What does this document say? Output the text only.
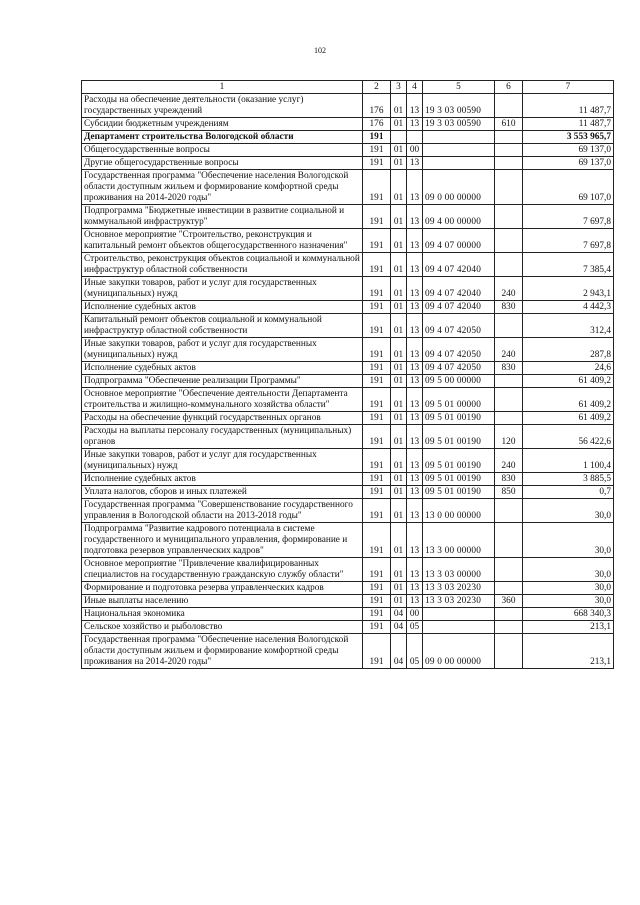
102
1	2	3	4	5	6	7
Расходы на обеспечение деятельности (оказание услуг) государственных учреждений	176	01	13	19 3 03 00590		11 487,7
Субсидии бюджетным учреждениям	176	01	13	19 3 03 00590	610	11 487,7
Департамент строительства Вологодской области	191					3 553 965,7
Общегосударственные вопросы	191	01	00			69 137,0
Другие общегосударственные вопросы	191	01	13			69 137,0
Государственная программа "Обеспечение населения Вологодской области доступным жильем и формирование комфортной среды проживания на 2014-2020 годы"	191	01	13	09 0 00 00000		69 107,0
Подпрограмма "Бюджетные инвестиции в развитие социальной и коммунальной инфраструктур"	191	01	13	09 4 00 00000		7 697,8
Основное мероприятие "Строительство, реконструкция и капитальный ремонт объектов общегосударственного назначения"	191	01	13	09 4 07 00000		7 697,8
Строительство, реконструкция объектов социальной и коммунальной инфраструктур областной собственности	191	01	13	09 4 07 42040		7 385,4
Иные закупки товаров, работ и услуг для государственных (муниципальных) нужд	191	01	13	09 4 07 42040	240	2 943,1
Исполнение судебных актов	191	01	13	09 4 07 42040	830	4 442,3
Капитальный ремонт объектов социальной и коммунальной инфраструктур областной собственности	191	01	13	09 4 07 42050		312,4
Иные закупки товаров, работ и услуг для государственных (муниципальных) нужд	191	01	13	09 4 07 42050	240	287,8
Исполнение судебных актов	191	01	13	09 4 07 42050	830	24,6
Подпрограмма "Обеспечение реализации Программы"	191	01	13	09 5 00 00000		61 409,2
Основное мероприятие "Обеспечение деятельности Департамента строительства и жилищно-коммунального хозяйства области"	191	01	13	09 5 01 00000		61 409,2
Расходы на обеспечение функций государственных органов	191	01	13	09 5 01 00190		61 409,2
Расходы на выплаты персоналу государственных (муниципальных) органов	191	01	13	09 5 01 00190	120	56 422,6
Иные закупки товаров, работ и услуг для государственных (муниципальных) нужд	191	01	13	09 5 01 00190	240	1 100,4
Исполнение судебных актов	191	01	13	09 5 01 00190	830	3 885,5
Уплата налогов, сборов и иных платежей	191	01	13	09 5 01 00190	850	0,7
Государственная программа "Совершенствование государственного управления в Вологодской области на 2013-2018 годы"	191	01	13	13 0 00 00000		30,0
Подпрограмма "Развитие кадрового потенциала в системе государственного и муниципального управления, формирование и подготовка резервов управленческих кадров"	191	01	13	13 3 00 00000		30,0
Основное мероприятие "Привлечение квалифицированных специалистов на государственную гражданскую службу области"	191	01	13	13 3 03 00000		30,0
Формирование и подготовка резерва управленческих кадров	191	01	13	13 3 03 20230		30,0
Иные выплаты населению	191	01	13	13 3 03 20230	360	30,0
Национальная экономика	191	04	00			668 340,3
Сельское хозяйство и рыболовство	191	04	05			213,1
Государственная программа "Обеспечение населения Вологодской области доступным жильем и формирование комфортной среды проживания на 2014-2020 годы"	191	04	05	09 0 00 00000		213,1
